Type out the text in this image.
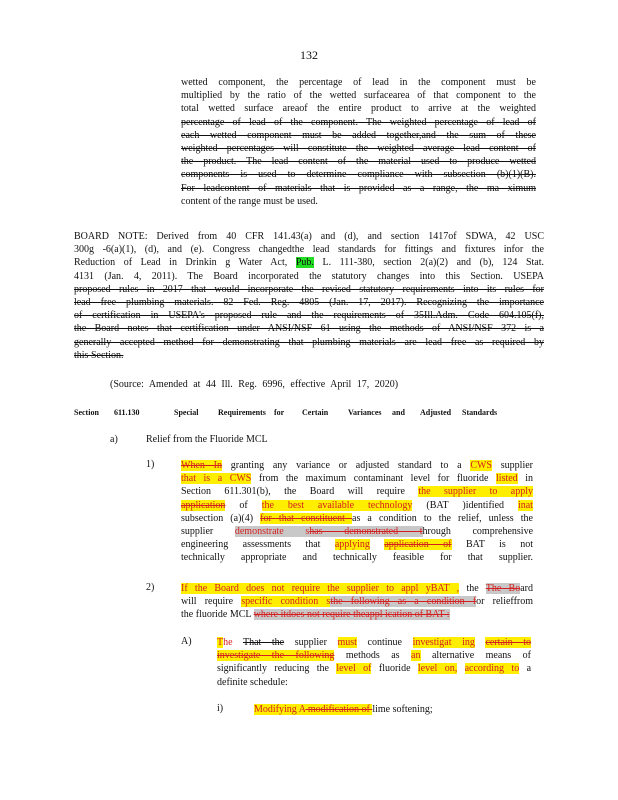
132
wetted component, the percentage of lead in the component must be
multiplied by the ratio of the wetted surfacearea of that component to the
total wetted surface areaof the entire product to arrive at the weighted
percentage of lead of the component. The weighted percentage of lead of
each wetted component must be added together,and the sum of these
weighted percentages will constitute the weighted average lead content of
the product. The lead content of the material used to produce wetted
components is used to determine compliance with subsection (b)(1)(B).
For leadcontent of materials that is provided as a range, the ma ximum
content of the range must be used.
BOARD NOTE: Derived from 40 CFR 141.43(a) and (d), and section 1417of SDWA, 42 USC
300g -6(a)(1), (d), and (e). Congress changedthe lead standards for fittings and fixtures infor the
Reduction of Lead in Drinkin g Water Act, Pub. L. 111-380, section 2(a)(2) and (b), 124 Stat.
4131 (Jan. 4, 2011). The Board incorporated the statutory changes into this Section. USEPA
proposed rules in 2017 that would incorporate the revised statutory requirements into its rules for
lead free plumbing materials. 82 Fed. Reg. 4805 (Jan. 17, 2017). Recognizing the importance
of certification in USEPA's proposed rule and the requirements of 35Ill.Adm. Code 604.105(f),
the Board notes that certification under ANSI/NSF 61 using the methods of ANSI/NSF 372 is a
generally accepted method for demonstrating that plumbing materials are lead free as required by
this Section.
(Source: Amended at 44 Ill. Reg. 6996, effective April 17, 2020)
Section 611.130	Special Requirements for Certain Variances and Adjusted Standards
a)	Relief from the Fluoride MCL
1)	When In granting any variance or adjusted standard to a CWS supplier
that is a CWS from the maximum contaminant level for fluoride listed in
Section 611.301(b), the Board will require the supplier to apply
application of the best available technology (BAT )identified inat
subsection (a)(4) for that constituent as a condition to the relief, unless the
supplier demonstrate shas demonstrated through comprehensive
engineering assessments that applying application of BAT is not
technically appropriate and technically feasible for that supplier.
2)	If the Board does not require the supplier to appl yBAT , the The Board
will require specific condition sthe following as a condition for relieffrom
the fluoride MCL where itdoes not require theappl ication of BAT :
A)	The That the supplier must continue investigat ing certain to
investigate the following methods as an alternative means of
significantly reducing the level of fluoride level on, according to a
definite schedule:
i)	Modifying A modification of lime softening;
